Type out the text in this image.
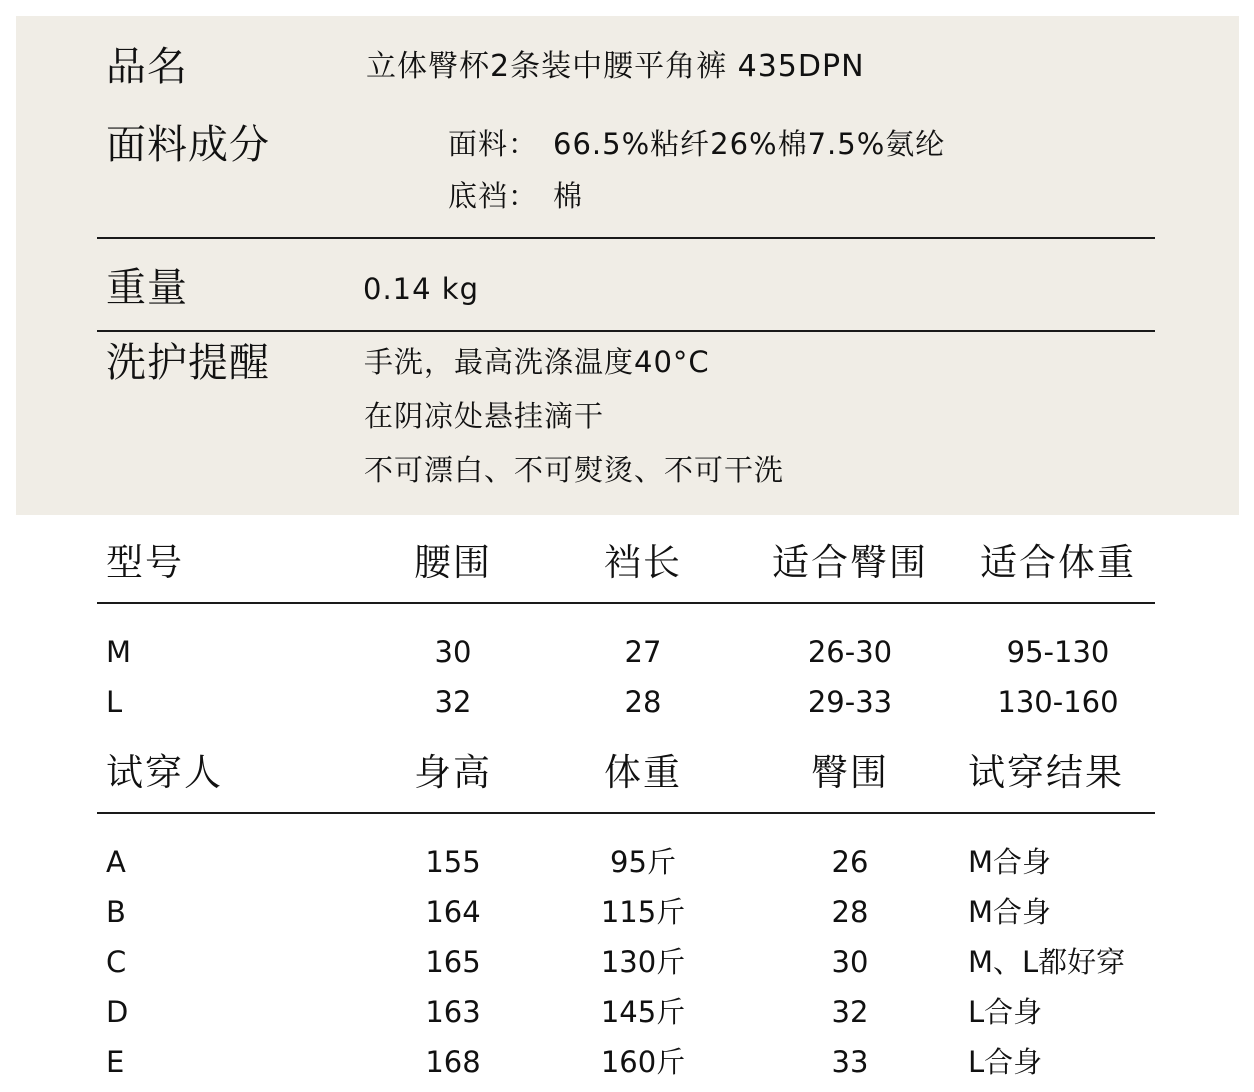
品名	立体臀杯2条装中腰平角裤 435DPN
面料成分	面料： 66.5%粘纤26%棉7.5%氨纶
底裆： 棉
重量	0.14 kg
洗护提醒	手洗，最高洗涤温度40°C
在阴凉处悬挂滴干
不可漂白、不可熨烫、不可干洗
型号	腰围	裆长	适合臀围	适合体重
M	30	27	26-30	95-130
L	32	28	29-33	130-160
试穿人	身高	体重	臀围	试穿结果
A	155	95斤	26	M合身
B	164	115斤	28	M合身
C	165	130斤	30	M、L都好穿
D	163	145斤	32	L合身
E	168	160斤	33	L合身
